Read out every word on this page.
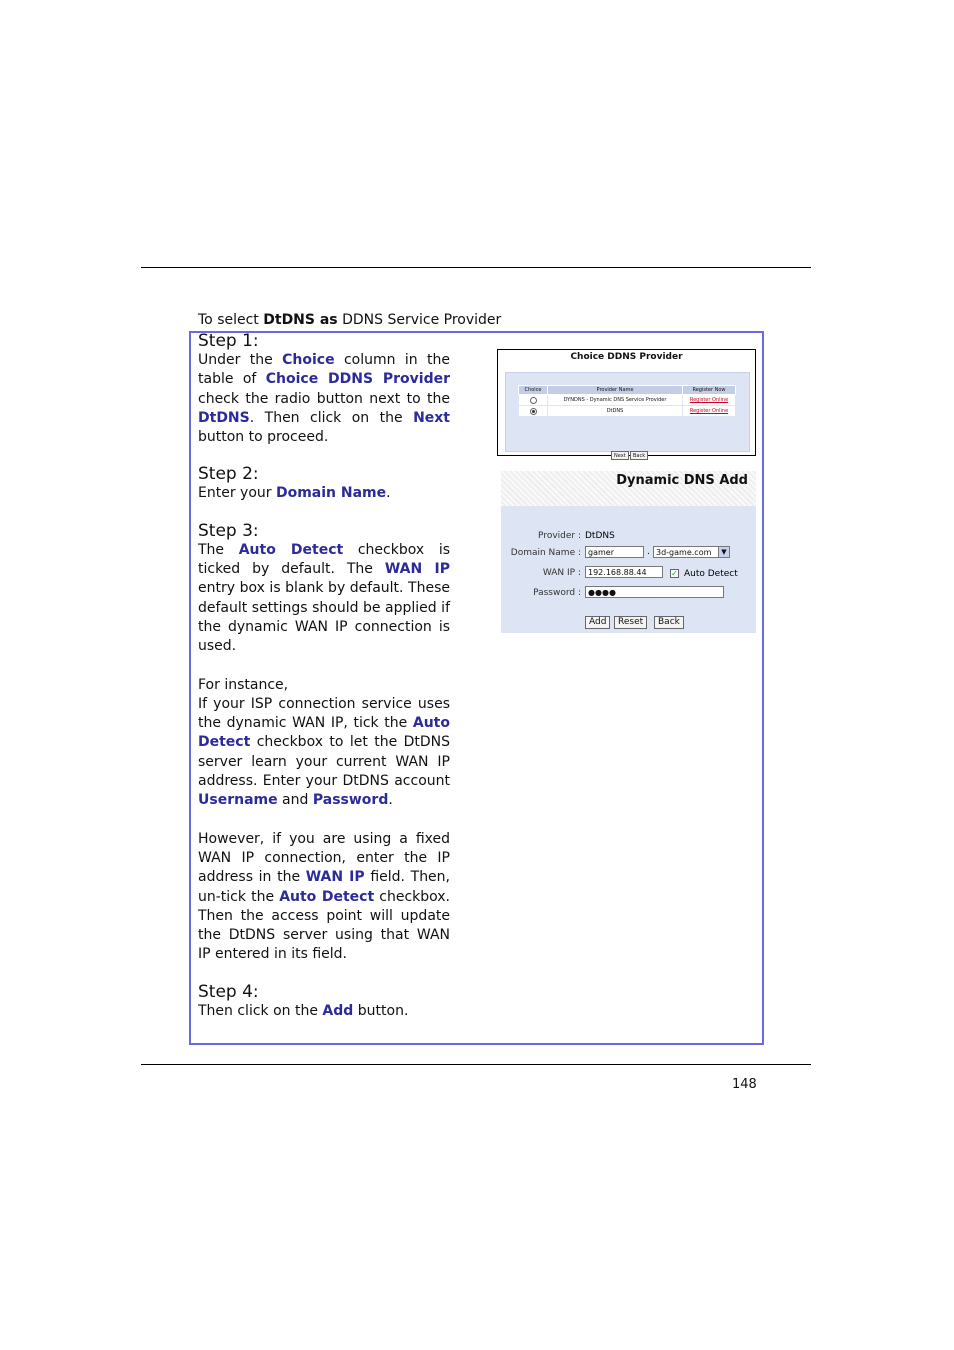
To select DtDNS as DDNS Service Provider
Step 1:

Under the Choice column in the table of Choice DDNS Provider check the radio button next to the DtDNS. Then click on the Next button to proceed.

Step 2:

Enter your Domain Name.

Step 3:

The Auto Detect checkbox is ticked by default. The WAN IP entry box is blank by default. These default settings should be applied if the dynamic WAN IP connection is used.

For instance,

If your ISP connection service uses the dynamic WAN IP, tick the Auto Detect checkbox to let the DtDNS server learn your current WAN IP address. Enter your DtDNS account Username and Password.

However, if you are using a fixed WAN IP connection, enter the IP address in the WAN IP field. Then, un-tick the Auto Detect checkbox. Then the access point will update the DtDNS server using that WAN IP entered in its field.

Step 4:

Then click on the Add button.

Choice DDNS Provider
Choice	Provider Name	Register Now
	DYNDNS - Dynamic DNS Service Provider	Register Online
	DtDNS	Register Online
Next	Back
Dynamic DNS Add
Provider : DtDNS
Domain Name : gamer	. 3d-game.com	▼
WAN IP : 192.168.88.44	✓ Auto Detect
Password : ●●●●
Add	Reset	Back
148
